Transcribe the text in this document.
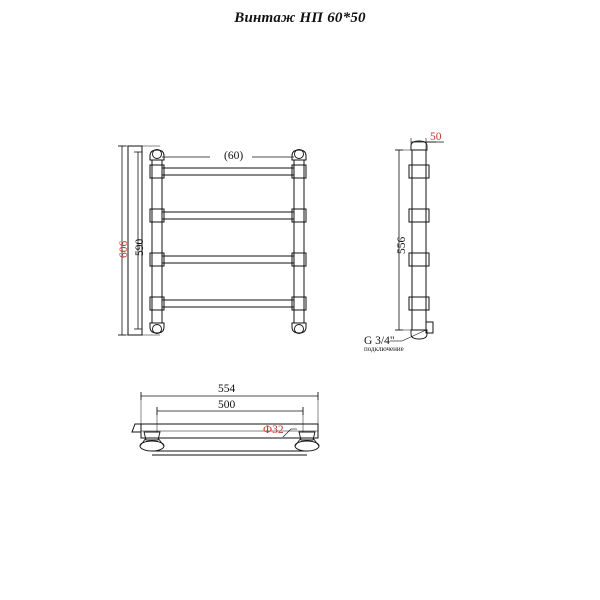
Винтаж НП 60*50
(60)
606 590
50
556
G 3/4"
подключение
554
500
Ф32
